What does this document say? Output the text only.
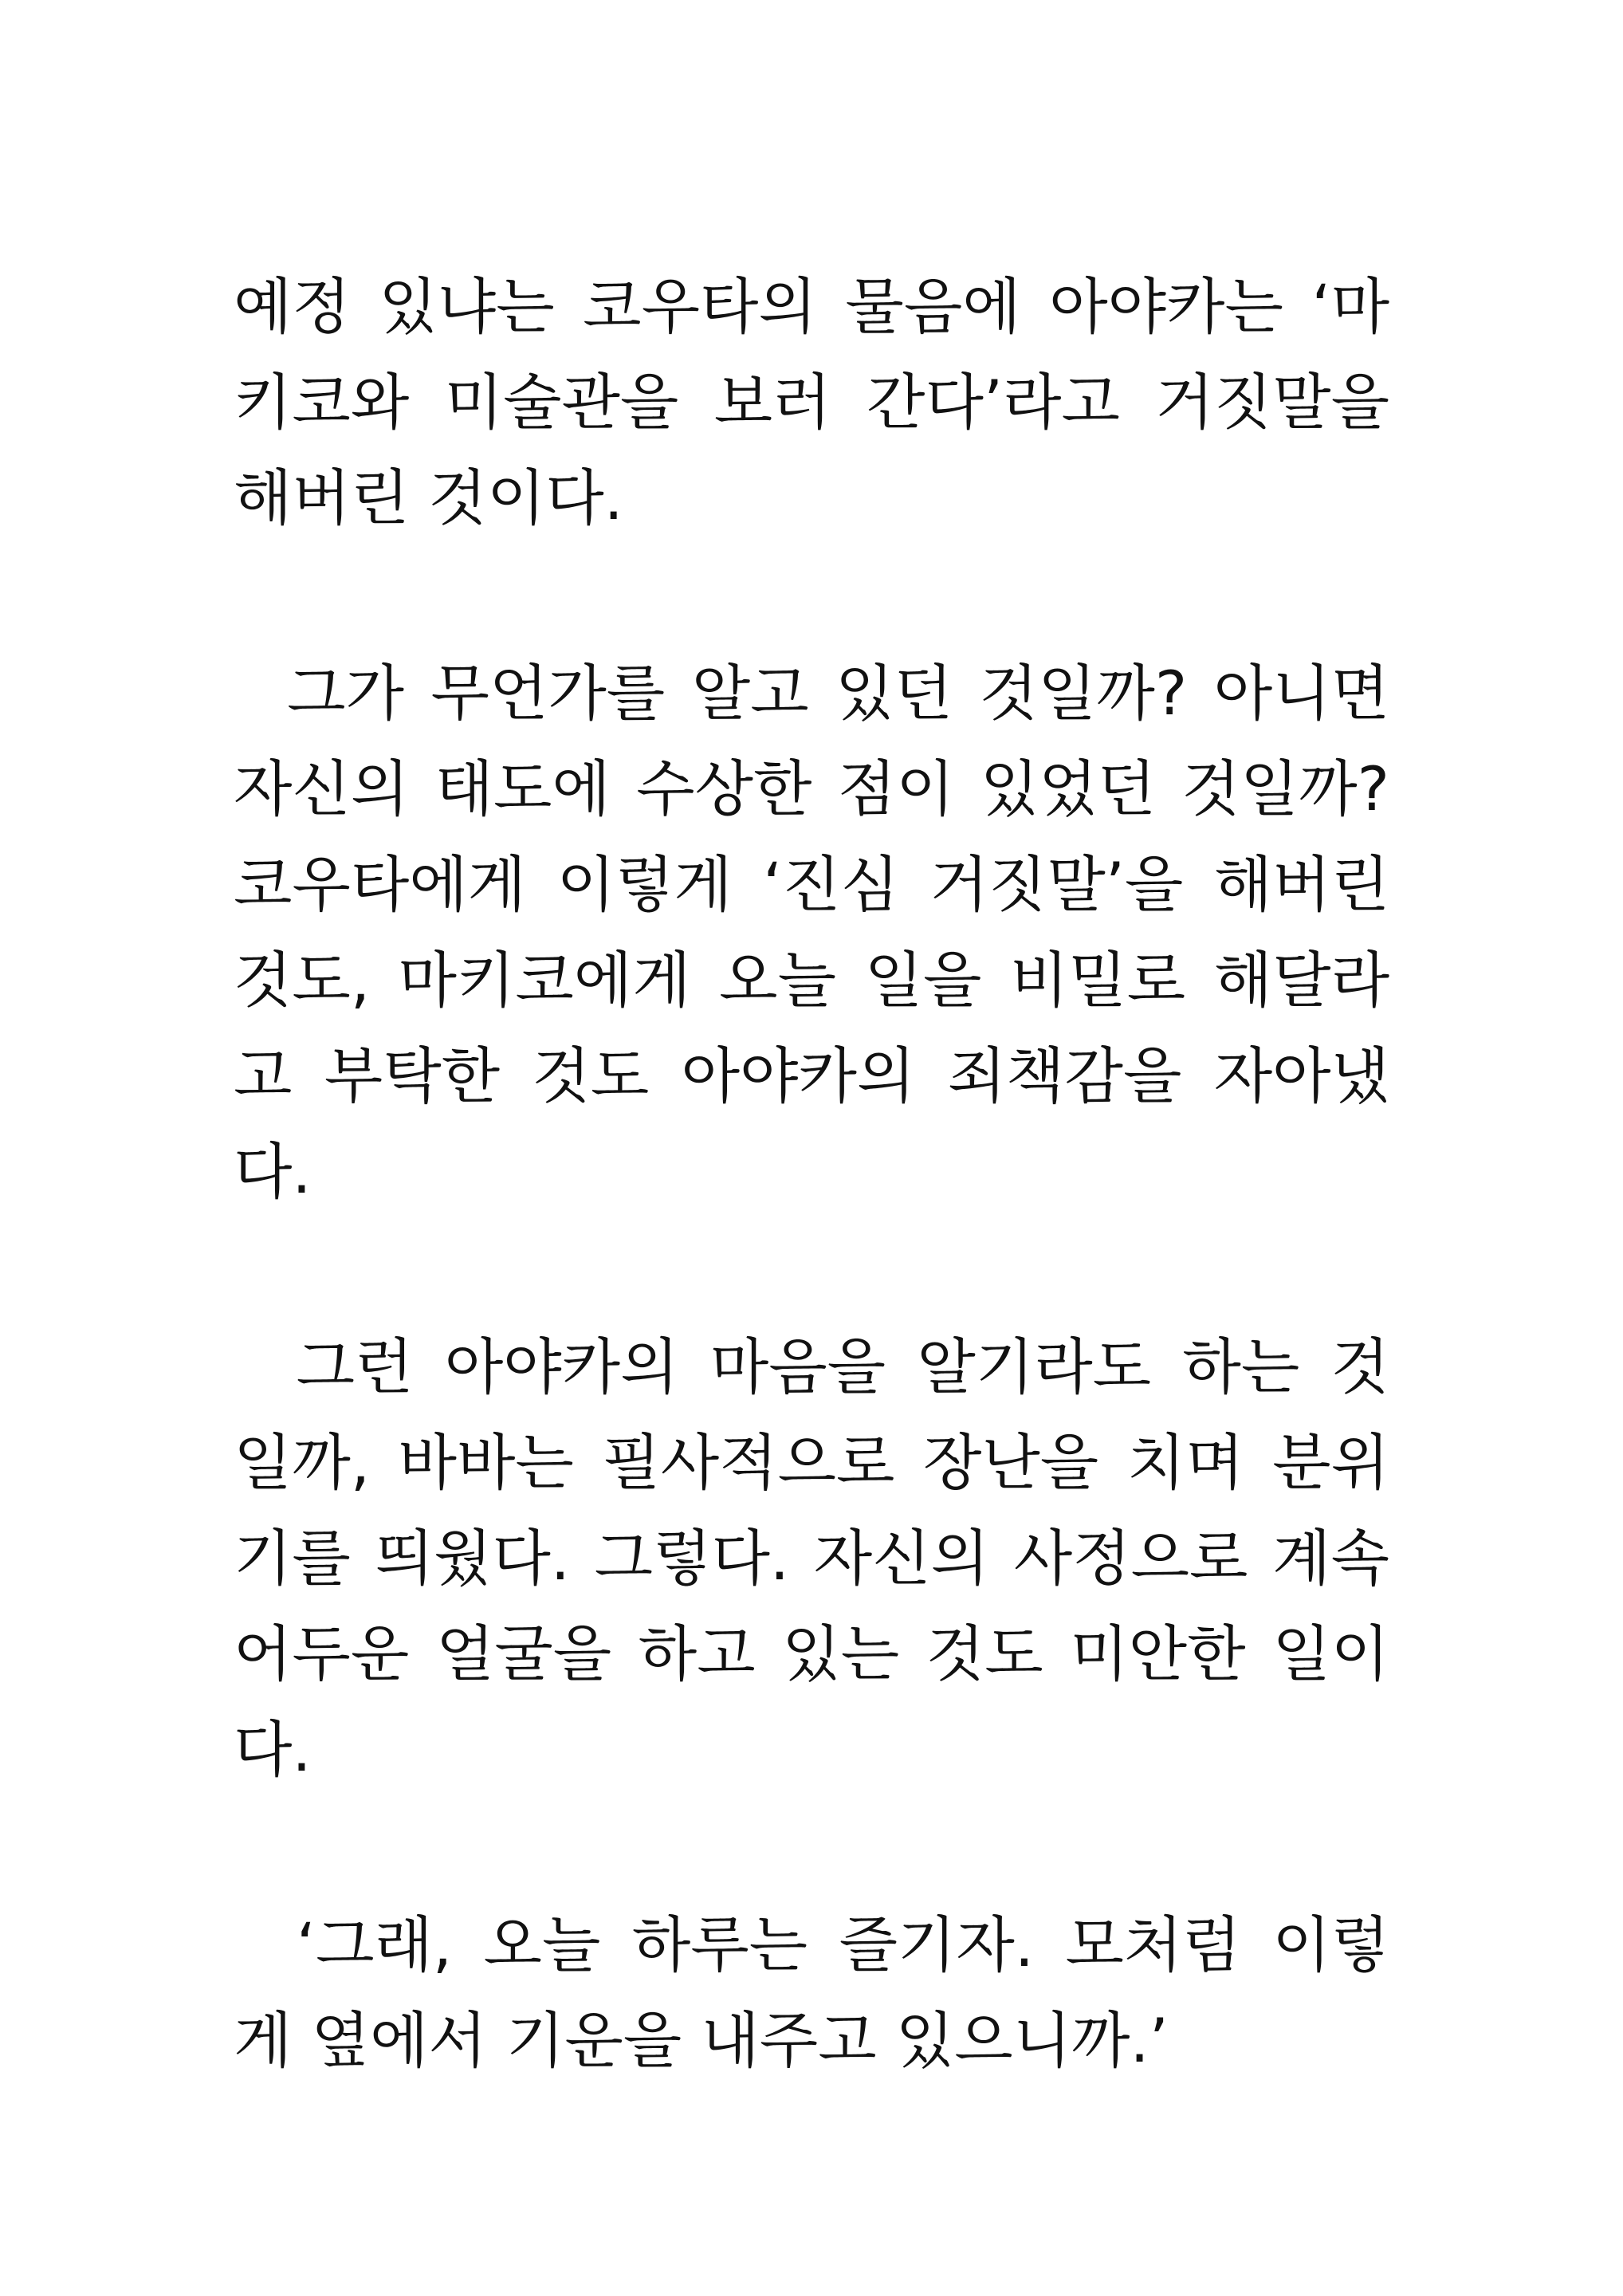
예정 있냐는 코우타의 물음에 아야카는 ‘마
키코와 미술관을 보러 간다’라고 거짓말을
해버린 것이다.
그가 무언가를 알고 있던 것일까? 아니면
자신의 태도에 수상한 점이 있었던 것일까?
코우타에게 이렇게 ‘진심 거짓말’을 해버린
것도, 마키코에게 오늘 일을 비밀로 해달라
고 부탁한 것도 아야카의 죄책감을 자아냈
다.
그런 아야카의 마음을 알기라도 하는 것
일까, 바바는 필사적으로 장난을 치며 분위
기를 띄웠다. 그렇다. 자신의 사정으로 계속
어두운 얼굴을 하고 있는 것도 미안한 일이
다.
‘그래, 오늘 하루는 즐기자. 모처럼 이렇
게 옆에서 기운을 내주고 있으니까.’
